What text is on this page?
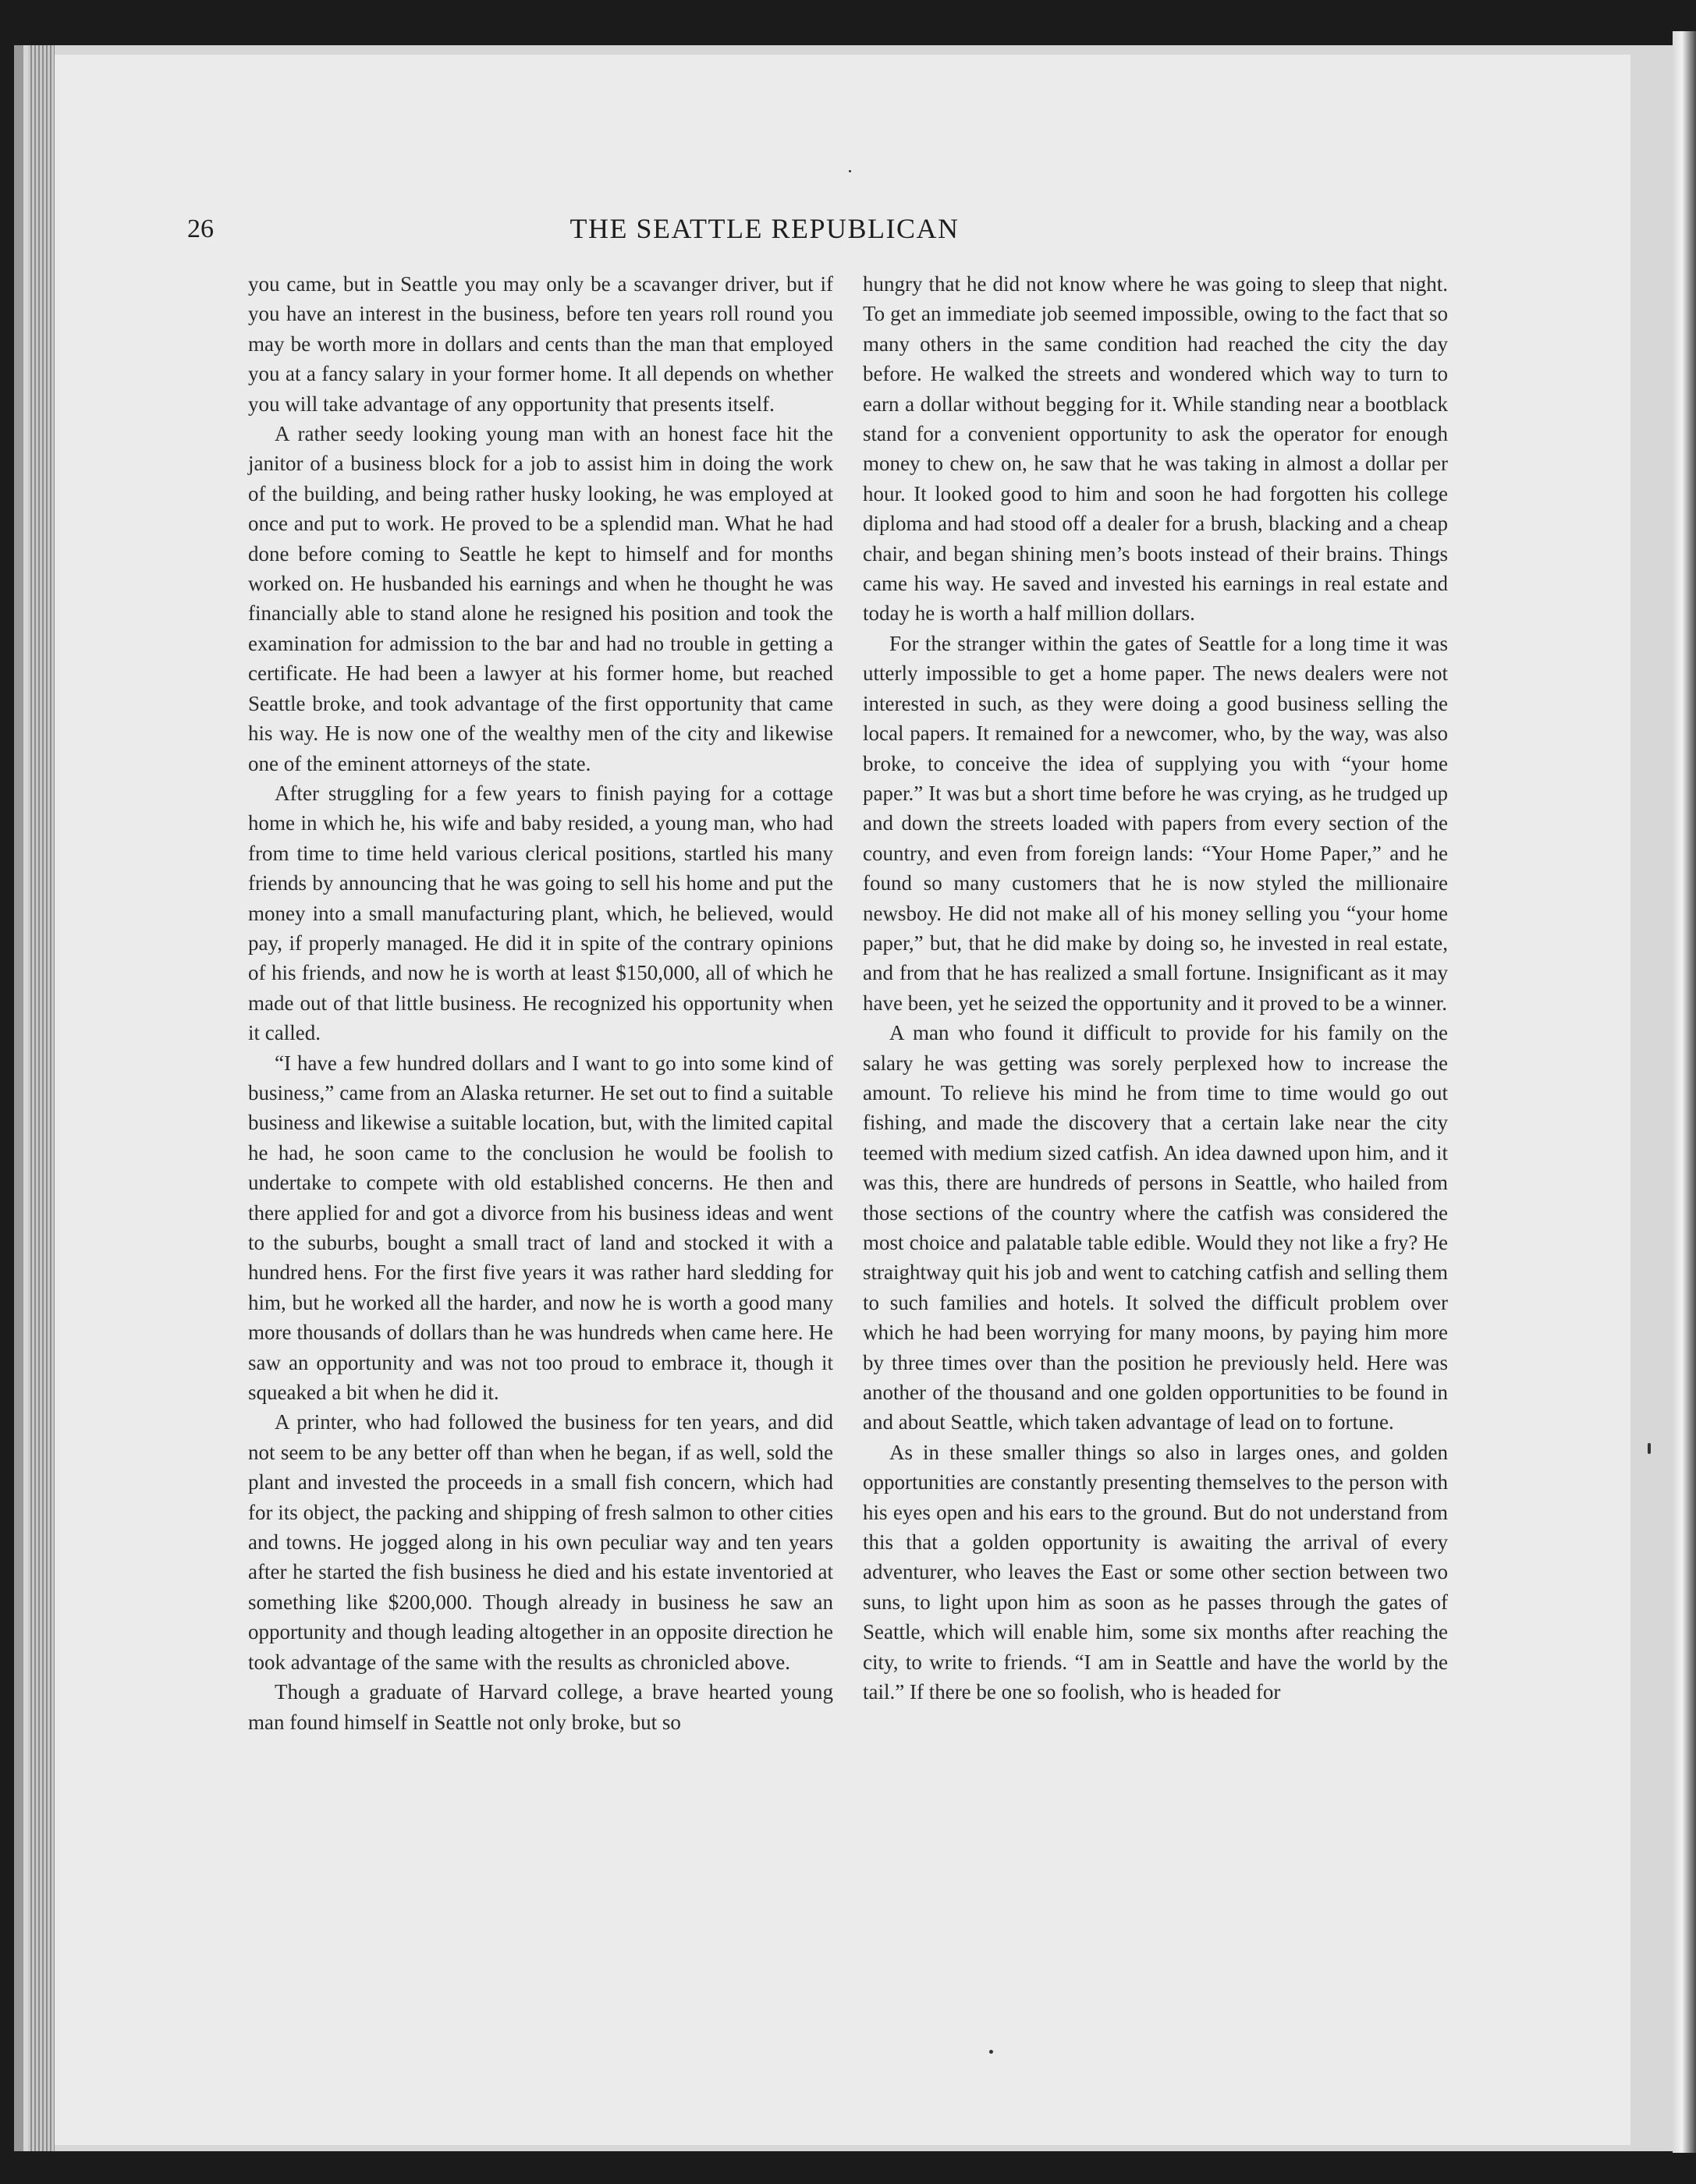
26	THE SEATTLE REPUBLICAN

you came, but in Seattle you may only be a scavanger driver, but if you have an interest in the business, before ten years roll round you may be worth more in dollars and cents than the man that employed you at a fancy salary in your former home. It all depends on whether you will take advantage of any opportunity that presents itself.

A rather seedy looking young man with an honest face hit the janitor of a business block for a job to assist him in doing the work of the building, and being rather husky looking, he was employed at once and put to work. He proved to be a splendid man. What he had done before coming to Seattle he kept to himself and for months worked on. He husbanded his earnings and when he thought he was financially able to stand alone he resigned his position and took the examination for admission to the bar and had no trouble in getting a certificate. He had been a lawyer at his former home, but reached Seattle broke, and took advantage of the first opportunity that came his way. He is now one of the wealthy men of the city and likewise one of the eminent attorneys of the state.

After struggling for a few years to finish paying for a cottage home in which he, his wife and baby resided, a young man, who had from time to time held various clerical positions, startled his many friends by announcing that he was going to sell his home and put the money into a small manufacturing plant, which, he believed, would pay, if properly managed. He did it in spite of the contrary opinions of his friends, and now he is worth at least $150,000, all of which he made out of that little business. He recognized his opportunity when it called.

“I have a few hundred dollars and I want to go into some kind of business,” came from an Alaska returner. He set out to find a suitable business and likewise a suitable location, but, with the limited capital he had, he soon came to the conclusion he would be foolish to undertake to compete with old established concerns. He then and there applied for and got a divorce from his business ideas and went to the suburbs, bought a small tract of land and stocked it with a hundred hens. For the first five years it was rather hard sledding for him, but he worked all the harder, and now he is worth a good many more thousands of dollars than he was hundreds when came here. He saw an opportunity and was not too proud to embrace it, though it squeaked a bit when he did it.

A printer, who had followed the business for ten years, and did not seem to be any better off than when he began, if as well, sold the plant and invested the proceeds in a small fish concern, which had for its object, the packing and shipping of fresh salmon to other cities and towns. He jogged along in his own peculiar way and ten years after he started the fish business he died and his estate inventoried at something like $200,000. Though already in business he saw an opportunity and though leading altogether in an opposite direction he took advantage of the same with the results as chronicled above.

Though a graduate of Harvard college, a brave hearted young man found himself in Seattle not only broke, but so

hungry that he did not know where he was going to sleep that night. To get an immediate job seemed impossible, owing to the fact that so many others in the same condition had reached the city the day before. He walked the streets and wondered which way to turn to earn a dollar without begging for it. While standing near a bootblack stand for a convenient opportunity to ask the operator for enough money to chew on, he saw that he was taking in almost a dollar per hour. It looked good to him and soon he had forgotten his college diploma and had stood off a dealer for a brush, blacking and a cheap chair, and began shining men’s boots instead of their brains. Things came his way. He saved and invested his earnings in real estate and today he is worth a half million dollars.

For the stranger within the gates of Seattle for a long time it was utterly impossible to get a home paper. The news dealers were not interested in such, as they were doing a good business selling the local papers. It remained for a newcomer, who, by the way, was also broke, to conceive the idea of supplying you with “your home paper.” It was but a short time before he was crying, as he trudged up and down the streets loaded with papers from every section of the country, and even from foreign lands: “Your Home Paper,” and he found so many customers that he is now styled the millionaire newsboy. He did not make all of his money selling you “your home paper,” but, that he did make by doing so, he invested in real estate, and from that he has realized a small fortune. Insignificant as it may have been, yet he seized the opportunity and it proved to be a winner.

A man who found it difficult to provide for his family on the salary he was getting was sorely perplexed how to increase the amount. To relieve his mind he from time to time would go out fishing, and made the discovery that a certain lake near the city teemed with medium sized catfish. An idea dawned upon him, and it was this, there are hundreds of persons in Seattle, who hailed from those sections of the country where the catfish was considered the most choice and palatable table edible. Would they not like a fry? He straightway quit his job and went to catching catfish and selling them to such families and hotels. It solved the difficult problem over which he had been worrying for many moons, by paying him more by three times over than the position he previously held. Here was another of the thousand and one golden opportunities to be found in and about Seattle, which taken advantage of lead on to fortune.

As in these smaller things so also in larges ones, and golden opportunities are constantly presenting themselves to the person with his eyes open and his ears to the ground. But do not understand from this that a golden opportunity is awaiting the arrival of every adventurer, who leaves the East or some other section between two suns, to light upon him as soon as he passes through the gates of Seattle, which will enable him, some six months after reaching the city, to write to friends. “I am in Seattle and have the world by the tail.” If there be one so foolish, who is headed for
